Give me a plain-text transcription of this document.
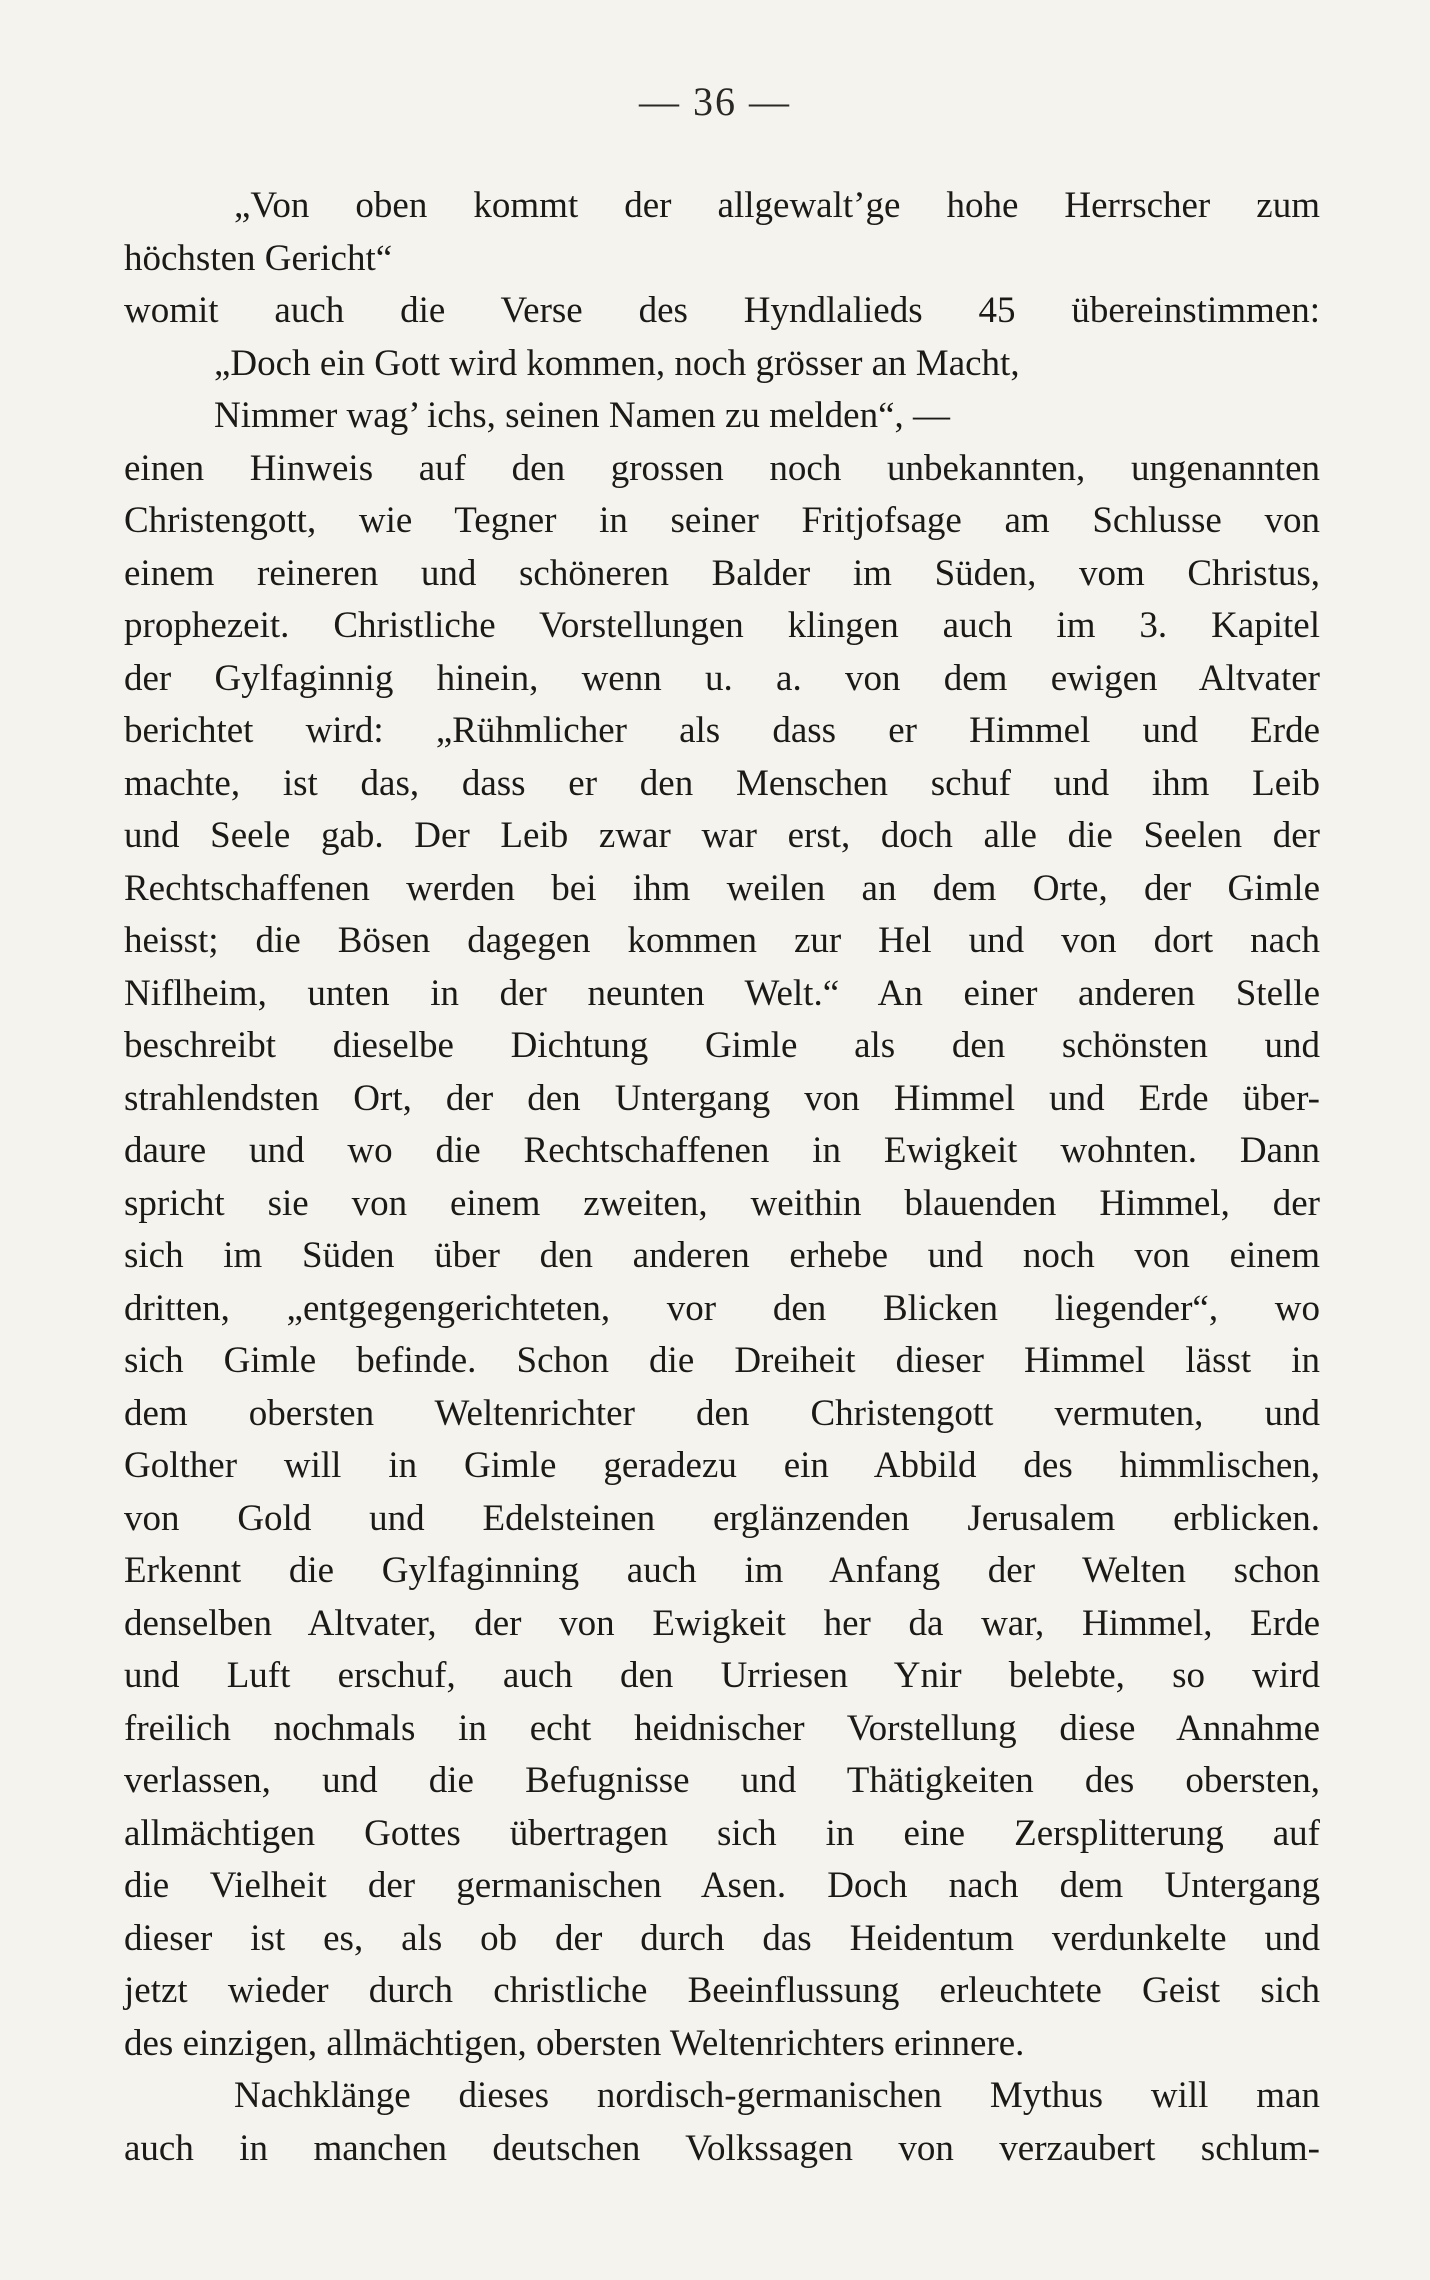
— 36 —
„Von oben kommt der allgewalt’ge hohe Herrscher zum
höchsten Gericht“
womit auch die Verse des Hyndlalieds 45 übereinstimmen:
„Doch ein Gott wird kommen, noch grösser an Macht,
Nimmer wag’ ichs, seinen Namen zu melden“, —
einen Hinweis auf den grossen noch unbekannten, ungenannten
Christengott, wie Tegner in seiner Fritjofsage am Schlusse von
einem reineren und schöneren Balder im Süden, vom Christus,
prophezeit. Christliche Vorstellungen klingen auch im 3. Kapitel
der Gylfaginnig hinein, wenn u. a. von dem ewigen Altvater
berichtet wird: „Rühmlicher als dass er Himmel und Erde
machte, ist das, dass er den Menschen schuf und ihm Leib
und Seele gab. Der Leib zwar war erst, doch alle die Seelen der
Rechtschaffenen werden bei ihm weilen an dem Orte, der Gimle
heisst; die Bösen dagegen kommen zur Hel und von dort nach
Niflheim, unten in der neunten Welt.“ An einer anderen Stelle
beschreibt dieselbe Dichtung Gimle als den schönsten und
strahlendsten Ort, der den Untergang von Himmel und Erde über-
daure und wo die Rechtschaffenen in Ewigkeit wohnten. Dann
spricht sie von einem zweiten, weithin blauenden Himmel, der
sich im Süden über den anderen erhebe und noch von einem
dritten, „entgegengerichteten, vor den Blicken liegender“, wo
sich Gimle befinde. Schon die Dreiheit dieser Himmel lässt in
dem obersten Weltenrichter den Christengott vermuten, und
Golther will in Gimle geradezu ein Abbild des himmlischen,
von Gold und Edelsteinen erglänzenden Jerusalem erblicken.
Erkennt die Gylfaginning auch im Anfang der Welten schon
denselben Altvater, der von Ewigkeit her da war, Himmel, Erde
und Luft erschuf, auch den Urriesen Ynir belebte, so wird
freilich nochmals in echt heidnischer Vorstellung diese Annahme
verlassen, und die Befugnisse und Thätigkeiten des obersten,
allmächtigen Gottes übertragen sich in eine Zersplitterung auf
die Vielheit der germanischen Asen. Doch nach dem Untergang
dieser ist es, als ob der durch das Heidentum verdunkelte und
jetzt wieder durch christliche Beeinflussung erleuchtete Geist sich
des einzigen, allmächtigen, obersten Weltenrichters erinnere.
Nachklänge dieses nordisch-germanischen Mythus will man
auch in manchen deutschen Volkssagen von verzaubert schlum-
